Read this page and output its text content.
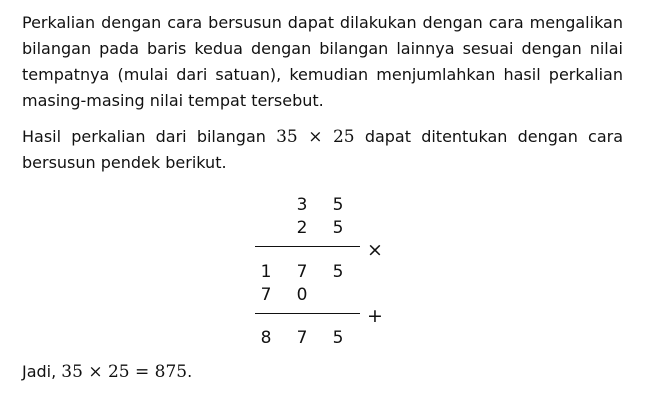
Perkalian dengan cara bersusun dapat dilakukan dengan cara mengalikan bilangan pada baris kedua dengan bilangan lainnya sesuai dengan nilai tempatnya (mulai dari satuan), kemudian menjumlahkan hasil perkalian masing-masing nilai tempat tersebut.

Hasil perkalian dari bilangan 35 × 25 dapat ditentukan dengan cara bersusun pendek berikut.

3 5
2 5
×
1 7 5
7 0
+
8 7 5
Jadi, 35 × 25 = 875.
